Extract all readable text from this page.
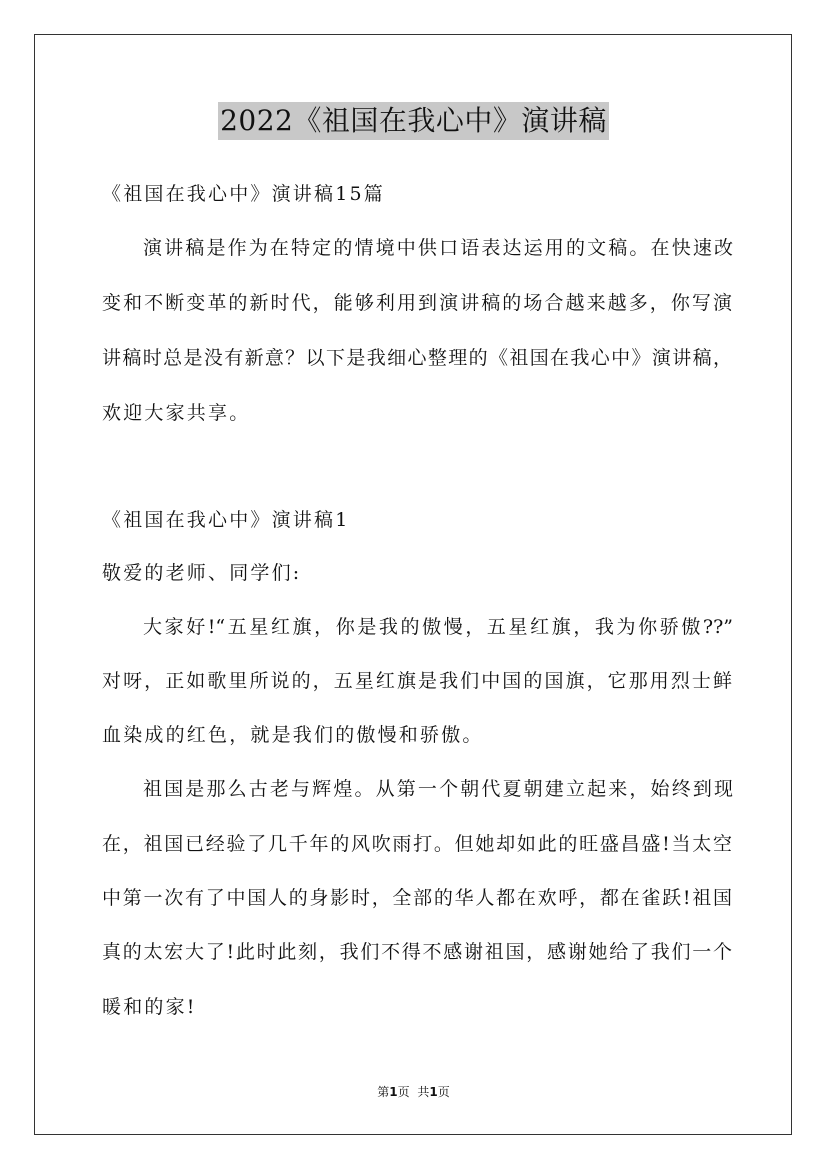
2022《祖国在我心中》演讲稿
《祖国在我心中》演讲稿15篇
演讲稿是作为在特定的情境中供口语表达运用的文稿。在快速改
变和不断变革的新时代，能够利用到演讲稿的场合越来越多，你写演
讲稿时总是没有新意？以下是我细心整理的《祖国在我心中》演讲稿，
欢迎大家共享。
《祖国在我心中》演讲稿1
敬爱的老师、同学们:
大家好!“五星红旗，你是我的傲慢，五星红旗，我为你骄傲??”
对呀，正如歌里所说的，五星红旗是我们中国的国旗，它那用烈士鲜
血染成的红色，就是我们的傲慢和骄傲。
祖国是那么古老与辉煌。从第一个朝代夏朝建立起来，始终到现
在，祖国已经验了几千年的风吹雨打。但她却如此的旺盛昌盛!当太空
中第一次有了中国人的身影时，全部的华人都在欢呼，都在雀跃!祖国
真的太宏大了!此时此刻，我们不得不感谢祖国，感谢她给了我们一个
暖和的家!
第1页 共1页
